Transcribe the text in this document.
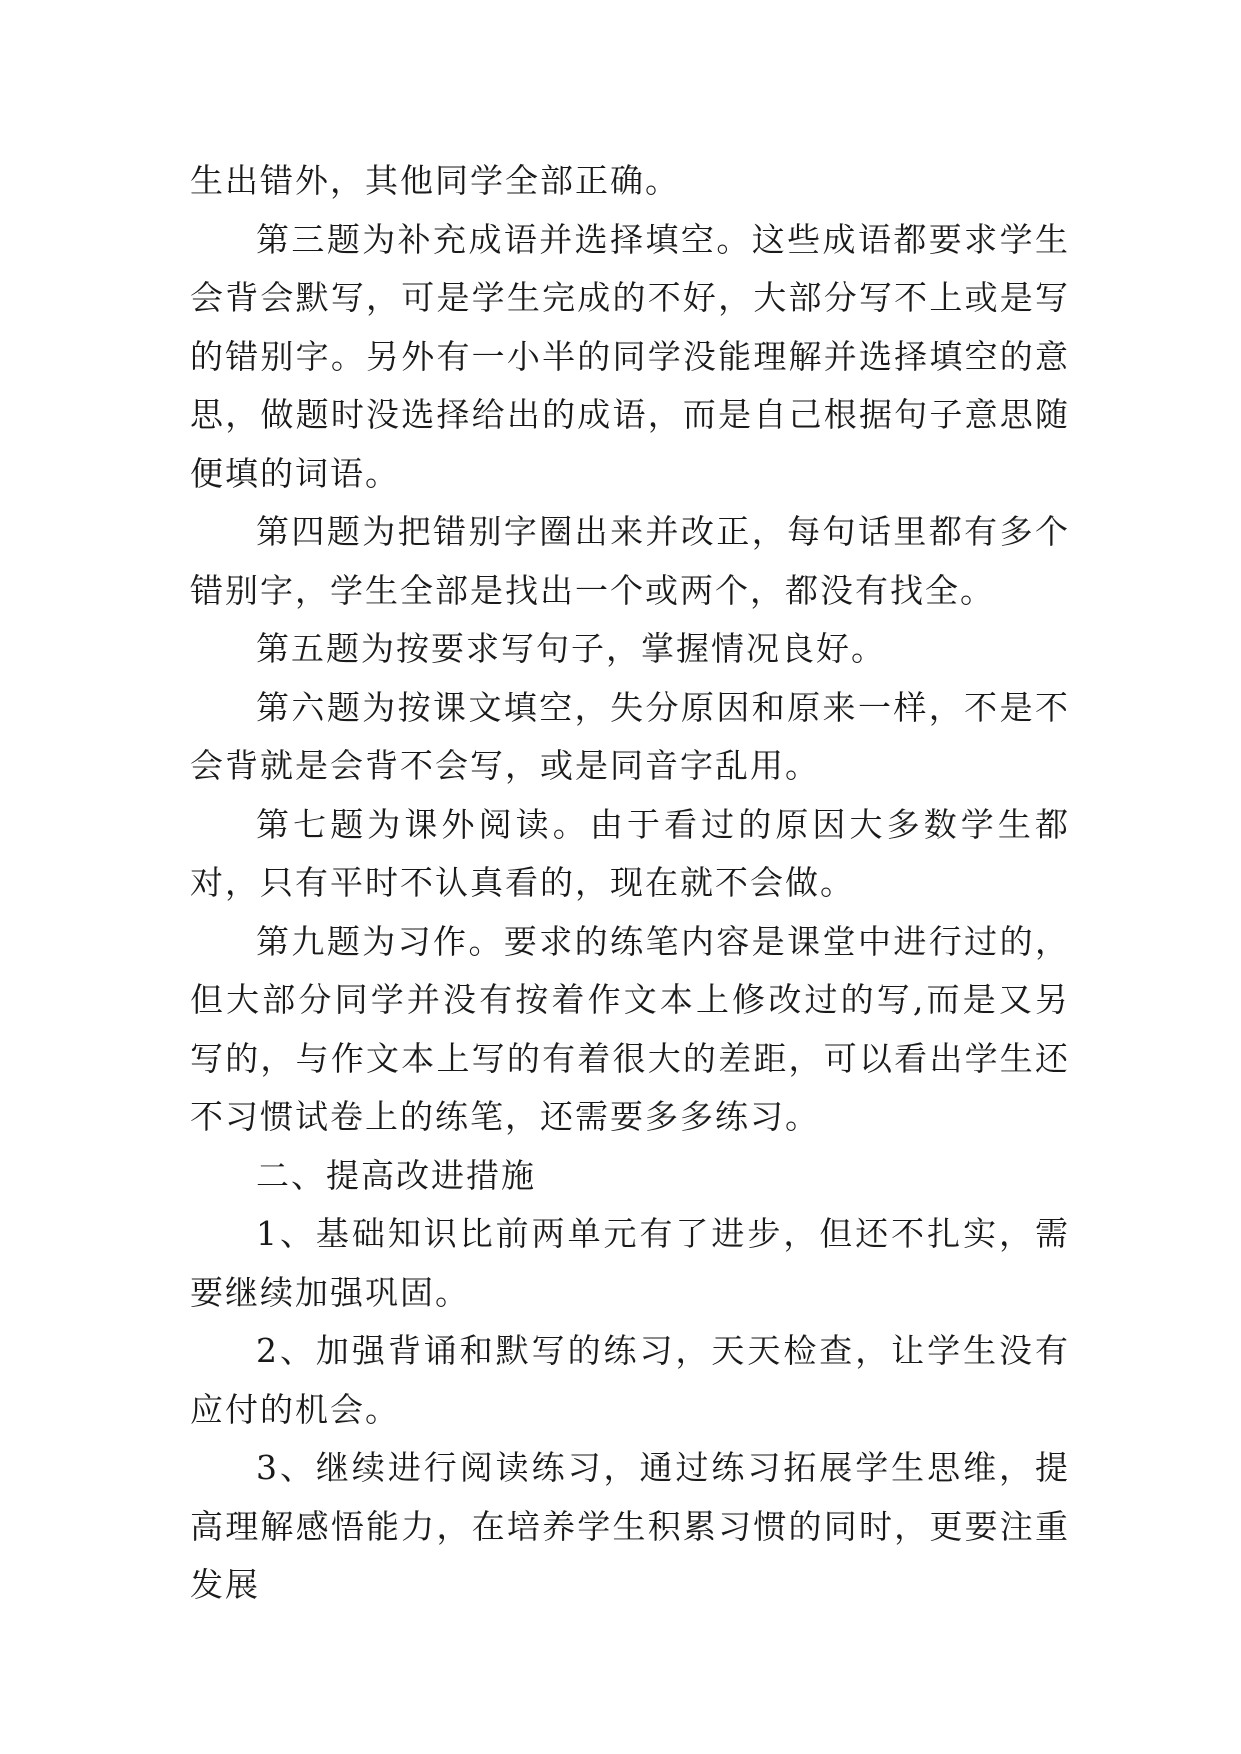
生出错外，其他同学全部正确。

第三题为补充成语并选择填空。这些成语都要求学生会背会默写，可是学生完成的不好，大部分写不上或是写的错别字。另外有一小半的同学没能理解并选择填空的意思，做题时没选择给出的成语，而是自己根据句子意思随便填的词语。

第四题为把错别字圈出来并改正，每句话里都有多个错别字，学生全部是找出一个或两个，都没有找全。

第五题为按要求写句子，掌握情况良好。

第六题为按课文填空，失分原因和原来一样，不是不会背就是会背不会写，或是同音字乱用。

第七题为课外阅读。由于看过的原因大多数学生都对，只有平时不认真看的，现在就不会做。

第九题为习作。要求的练笔内容是课堂中进行过的，但大部分同学并没有按着作文本上修改过的写,而是又另写的，与作文本上写的有着很大的差距，可以看出学生还不习惯试卷上的练笔，还需要多多练习。

二、提高改进措施

1、基础知识比前两单元有了进步，但还不扎实，需要继续加强巩固。

2、加强背诵和默写的练习，天天检查，让学生没有应付的机会。

3、继续进行阅读练习，通过练习拓展学生思维，提高理解感悟能力，在培养学生积累习惯的同时，更要注重发展
